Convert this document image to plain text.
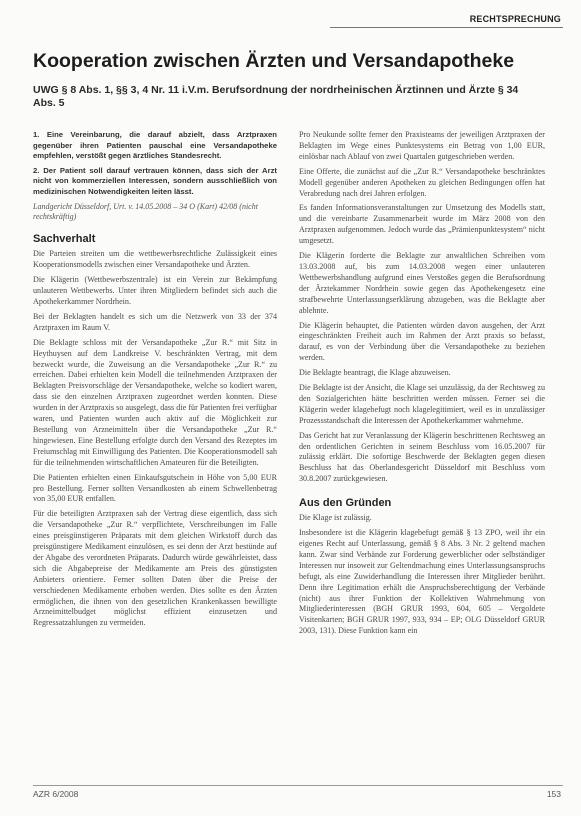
RECHTSPRECHUNG
Kooperation zwischen Ärzten und Versandapotheke
UWG § 8 Abs. 1, §§ 3, 4 Nr. 11 i.V.m. Berufsordnung der nordrheinischen Ärztinnen und Ärzte § 34 Abs. 5

1. Eine Vereinbarung, die darauf abzielt, dass Arztpraxen gegenüber ihren Patienten pauschal eine Versandapotheke empfehlen, verstößt gegen ärztliches Standesrecht.

2. Der Patient soll darauf vertrauen können, dass sich der Arzt nicht von kommerziellen Interessen, sondern ausschließlich von medizinischen Notwendigkeiten leiten lässt.

Landgericht Düsseldorf, Urt. v. 14.05.2008 – 34 O (Kart) 42/08 (nicht rechtskräftig)

Sachverhalt

Die Parteien streiten um die wettbewerbsrechtliche Zulässigkeit eines Kooperationsmodells zwischen einer Versandapotheke und Ärzten.

Die Klägerin (Wettbewerbszentrale) ist ein Verein zur Bekämpfung unlauteren Wettbewerbs. Unter ihren Mitgliedern befindet sich auch die Apothekerkammer Nordrhein.

Bei der Beklagten handelt es sich um die Netzwerk von 33 der 374 Arztpraxen im Raum V.

Die Beklagte schloss mit der Versandapotheke „Zur R.“ mit Sitz in Heythuysen auf dem Landkreise V. beschränkten Vertrag, mit dem bezweckt wurde, die Zuweisung an die Versandapotheke „Zur R.“ zu erreichen. Dabei erhielten kein Modell die teilnehmenden Arztpraxen der Beklagten Preisvorschläge der Versandapotheke, welche so kodiert waren, dass sie den einzelnen Arztpraxen zugeordnet werden konnten. Diese wurden in der Arztpraxis so ausgelegt, dass die für Patienten frei verfügbar waren, und Patienten wurden auch aktiv auf die Möglichkeit zur Bestellung von Arzneimitteln über die Versandapotheke „Zur R.“ hingewiesen. Eine Bestellung erfolgte durch den Versand des Rezeptes im Freiumschlag mit Einwilligung des Patienten. Die Kooperationsmodell sah für die teilnehmenden wirtschaftlichen Amateuren für die Beteiligten.

Die Patienten erhielten einen Einkaufsgutschein in Höhe von 5,00 EUR pro Bestellung. Ferner sollten Versandkosten ab einem Schwellenbetrag von 35,00 EUR entfallen.

Für die beteiligten Arztpraxen sah der Vertrag diese eigentlich, dass sich die Versandapotheke „Zur R.“ verpflichtete, Verschreibungen im Falle eines preisgünstigeren Präparats mit dem gleichen Wirkstoff durch das preisgünstigere Medikament einzulösen, es sei denn der Arzt bestünde auf der Abgabe des verordneten Präparats. Dadurch würde gewährleistet, dass sich die Abgabepreise der Medikamente am Preis des günstigsten Anbieters orientiere. Ferner sollten Daten über die Preise der verschiedenen Medikamente erhoben werden. Dies sollte es den Ärzten ermöglichen, die ihnen von den gesetzlichen Krankenkassen bewilligte Arzneimittelbudget möglichst effizient einzusetzen und Regressatzahlungen zu vermeiden.

Pro Neukunde sollte ferner den Praxisteams der jeweiligen Arztpraxen der Beklagten im Wege eines Punktesystems ein Betrag von 1,00 EUR, einlösbar nach Ablauf von zwei Quartalen gutgeschrieben werden.

Eine Offerte, die zunächst auf die „Zur R.“ Versandapotheke beschränktes Modell gegenüber anderen Apotheken zu gleichen Bedingungen offen hat Verabredung nach drei Jahren erfolgen.

Es fanden Informationsveranstaltungen zur Umsetzung des Modells statt, und die vereinbarte Zusammenarbeit wurde im März 2008 von den Arztpraxen aufgenommen. Jedoch wurde das „Prämienpunktesystem“ nicht umgesetzt.

Die Klägerin forderte die Beklagte zur anwaltlichen Schreiben vom 13.03.2008 auf, bis zum 14.03.2008 wegen einer unlauteren Wettbewerbshandlung aufgrund eines Verstoßes gegen die Berufsordnung der Ärztekammer Nordrhein sowie gegen das Apothekengesetz eine strafbewehrte Unterlassungserklärung abzugeben, was die Beklagte aber ablehnte.

Die Klägerin behauptet, die Patienten würden davon ausgehen, der Arzt eingeschränkten Freiheit auch im Rahmen der Arzt praxis so befasst, darauf, es von der Verbindung über die Versandapotheke zu beziehen werden.

Die Beklagte beantragt, die Klage abzuweisen.

Die Beklagte ist der Ansicht, die Klage sei unzulässig, da der Rechtsweg zu den Sozialgerichten hätte beschritten werden müssen. Ferner sei die Klägerin weder klagebefugt noch klagelegitimiert, weil es in unzulässiger Prozessstandschaft die Interessen der Apothekerkammer wahrnehme.

Das Gericht hat zur Veranlassung der Klägerin beschrittenen Rechtsweg an den ordentlichen Gerichten in seinem Beschluss vom 16.05.2007 für zulässig erklärt. Die sofortige Beschwerde der Beklagten gegen diesen Beschluss hat das Oberlandesgericht Düsseldorf mit Beschluss vom 30.8.2007 zurückgewiesen.

Aus den Gründen

Die Klage ist zulässig.

Insbesondere ist die Klägerin klagebefugt gemäß § 13 ZPO, weil ihr ein eigenes Recht auf Unterlassung, gemäß § 8 Abs. 3 Nr. 2 geltend machen kann. Zwar sind Verbände zur Forderung gewerblicher oder selbständiger Interessen nur insoweit zur Geltendmachung eines Unterlassungsanspruchs befugt, als eine Zuwiderhandlung die Interessen ihrer Mitglieder berührt. Denn ihre Legitimation erhält die Anspruchsberechtigung der Verbände (nicht) aus ihrer Funktion der Kollektiven Wahrnehmung von Mitgliederinteressen (BGH GRUR 1993, 604, 605 – Vergoldete Visitenkarten; BGH GRUR 1997, 933, 934 – EP; OLG Düsseldorf GRUR 2003, 131). Diese Funktion kann ein

AZR 6/2008	153
